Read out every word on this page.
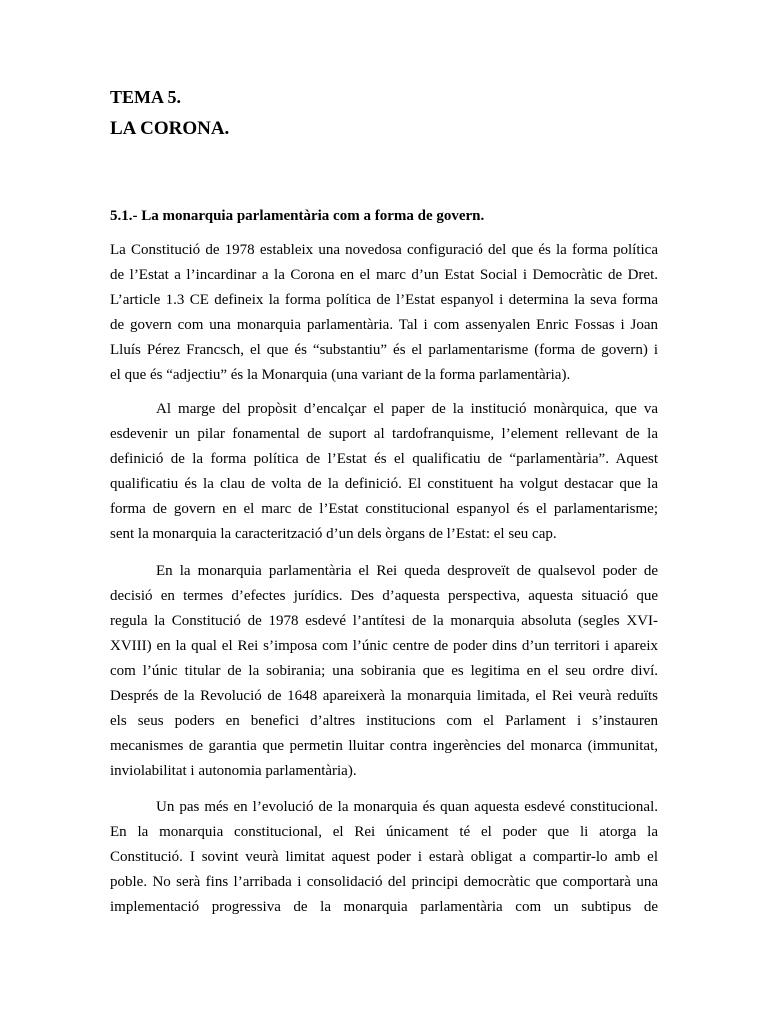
TEMA 5.
LA CORONA.
5.1.- La monarquia parlamentària com a forma de govern.
La Constitució de 1978 estableix una novedosa configuració del que és la forma política
de l’Estat a l’incardinar a la Corona en el marc d’un Estat Social i Democràtic de Dret.
L’article 1.3 CE defineix la forma política de l’Estat espanyol i determina la seva forma
de govern com una monarquia parlamentària. Tal i com assenyalen Enric Fossas i Joan
Lluís Pérez Francsch, el que és “substantiu” és el parlamentarisme (forma de govern) i
el que és “adjectiu” és la Monarquia (una variant de la forma parlamentària).
Al marge del propòsit d’encalçar el paper de la institució monàrquica, que va
esdevenir un pilar fonamental de suport al tardofranquisme, l’element rellevant de la
definició de la forma política de l’Estat és el qualificatiu de “parlamentària”. Aquest
qualificatiu és la clau de volta de la definició. El constituent ha volgut destacar que la
forma de govern en el marc de l’Estat constitucional espanyol és el parlamentarisme;
sent la monarquia la caracterització d’un dels òrgans de l’Estat: el seu cap.
En la monarquia parlamentària el Rei queda desproveït de qualsevol poder de
decisió en termes d’efectes jurídics. Des d’aquesta perspectiva, aquesta situació que
regula la Constitució de 1978 esdevé l’antítesi de la monarquia absoluta (segles XVI-
XVIII) en la qual el Rei s’imposa com l’únic centre de poder dins d’un territori i apareix
com l’únic titular de la sobirania; una sobirania que es legitima en el seu ordre diví.
Després de la Revolució de 1648 apareixerà la monarquia limitada, el Rei veurà reduïts
els seus poders en benefici d’altres institucions com el Parlament i s’instauren
mecanismes de garantia que permetin lluitar contra ingerències del monarca (immunitat,
inviolabilitat i autonomia parlamentària).
Un pas més en l’evolució de la monarquia és quan aquesta esdevé constitucional.
En la monarquia constitucional, el Rei únicament té el poder que li atorga la
Constitució. I sovint veurà limitat aquest poder i estarà obligat a compartir-lo amb el
poble. No serà fins l’arribada i consolidació del principi democràtic que comportarà una
implementació progressiva de la monarquia parlamentària com un subtipus de
